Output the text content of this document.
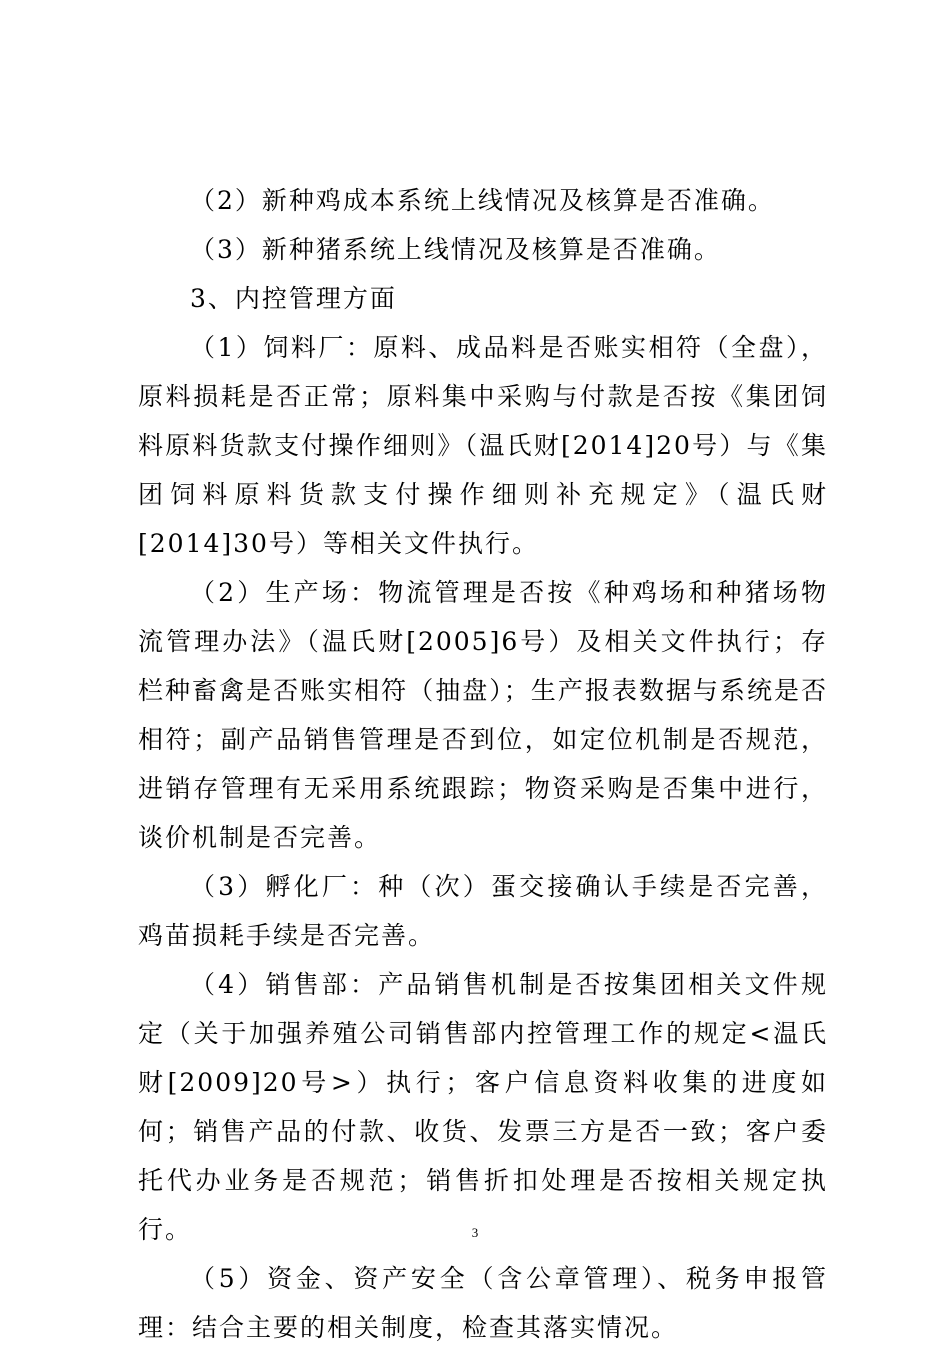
（2）新种鸡成本系统上线情况及核算是否准确。

（3）新种猪系统上线情况及核算是否准确。

3、内控管理方面

（1）饲料厂：原料、成品料是否账实相符（全盘），原料损耗是否正常；原料集中采购与付款是否按《集团饲料原料货款支付操作细则》（温氏财[2014]20号）与《集团饲料原料货款支付操作细则补充规定》（温氏财[2014]30号）等相关文件执行。

（2）生产场：物流管理是否按《种鸡场和种猪场物流管理办法》（温氏财[2005]6号）及相关文件执行；存栏种畜禽是否账实相符（抽盘）；生产报表数据与系统是否相符；副产品销售管理是否到位，如定位机制是否规范，进销存管理有无采用系统跟踪；物资采购是否集中进行，谈价机制是否完善。

（3）孵化厂：种（次）蛋交接确认手续是否完善，鸡苗损耗手续是否完善。

（4）销售部：产品销售机制是否按集团相关文件规定（关于加强养殖公司销售部内控管理工作的规定<温氏财[2009]20号>）执行；客户信息资料收集的进度如何；销售产品的付款、收货、发票三方是否一致；客户委托代办业务是否规范；销售折扣处理是否按相关规定执行。

（5）资金、资产安全（含公章管理）、税务申报管理：结合主要的相关制度，检查其落实情况。

3
